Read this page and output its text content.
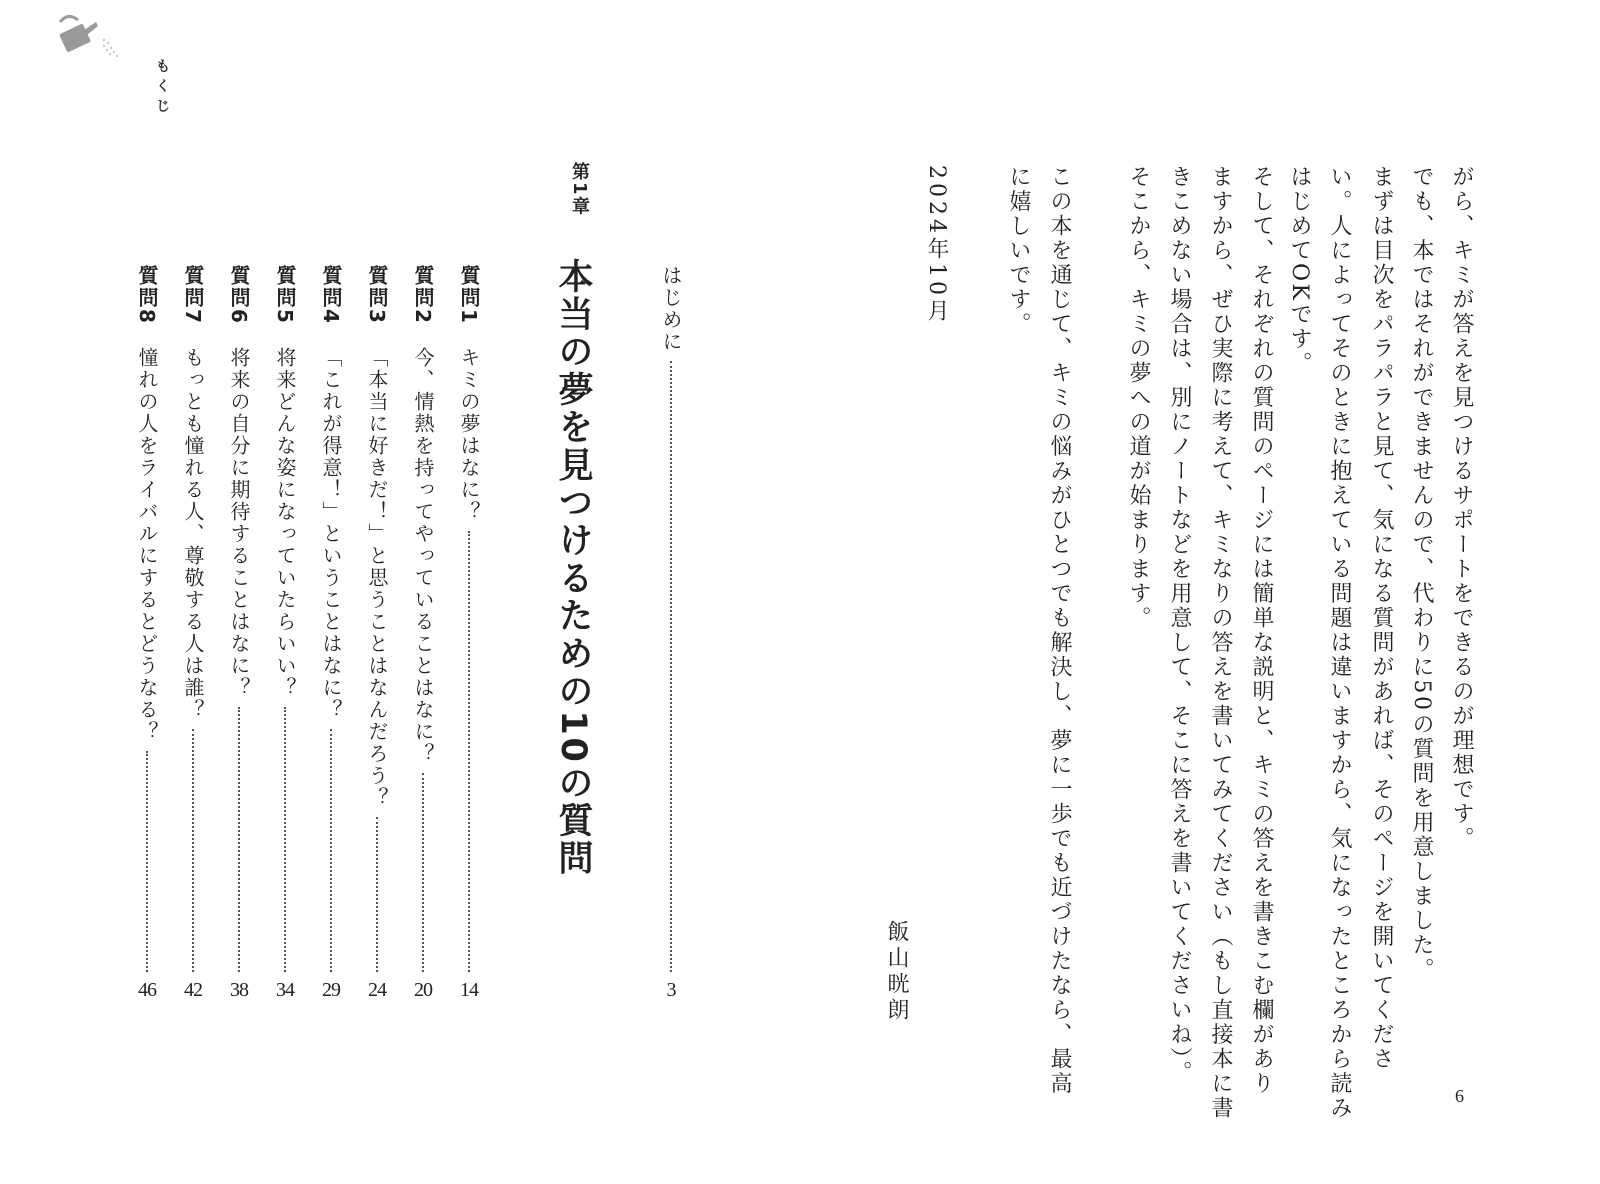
もくじ
がら、キミが答えを見つけるサポートをできるのが理想です。
でも、本ではそれができませんので、代わりに50の質問を用意しました。
まずは目次をパラパラと見て、気になる質問があれば、そのページを開いてくださ
い。人によってそのときに抱えている問題は違いますから、気になったところから読み
はじめてOKです。
そして、それぞれの質問のページには簡単な説明と、キミの答えを書きこむ欄があり
ますから、ぜひ実際に考えて、キミなりの答えを書いてみてください（もし直接本に書
きこめない場合は、別にノートなどを用意して、そこに答えを書いてくださいね）。
そこから、キミの夢への道が始まります。
この本を通じて、キミの悩みがひとつでも解決し、夢に一歩でも近づけたなら、最高
に嬉しいです。
2024年10月
飯山晄朗
はじめに
3
第1章
本当の夢を見つけるための10の質問
質問1
キミの夢はなに？
14
質問2
今、情熱を持ってやっていることはなに？
20
質問3
「本当に好きだ！」と思うことはなんだろう？
24
質問4
「これが得意！」ということはなに？
29
質問5
将来どんな姿になっていたらいい？
34
質問6
将来の自分に期待することはなに？
38
質問7
もっとも憧れる人、尊敬する人は誰？
42
質問8
憧れの人をライバルにするとどうなる？
46
6
